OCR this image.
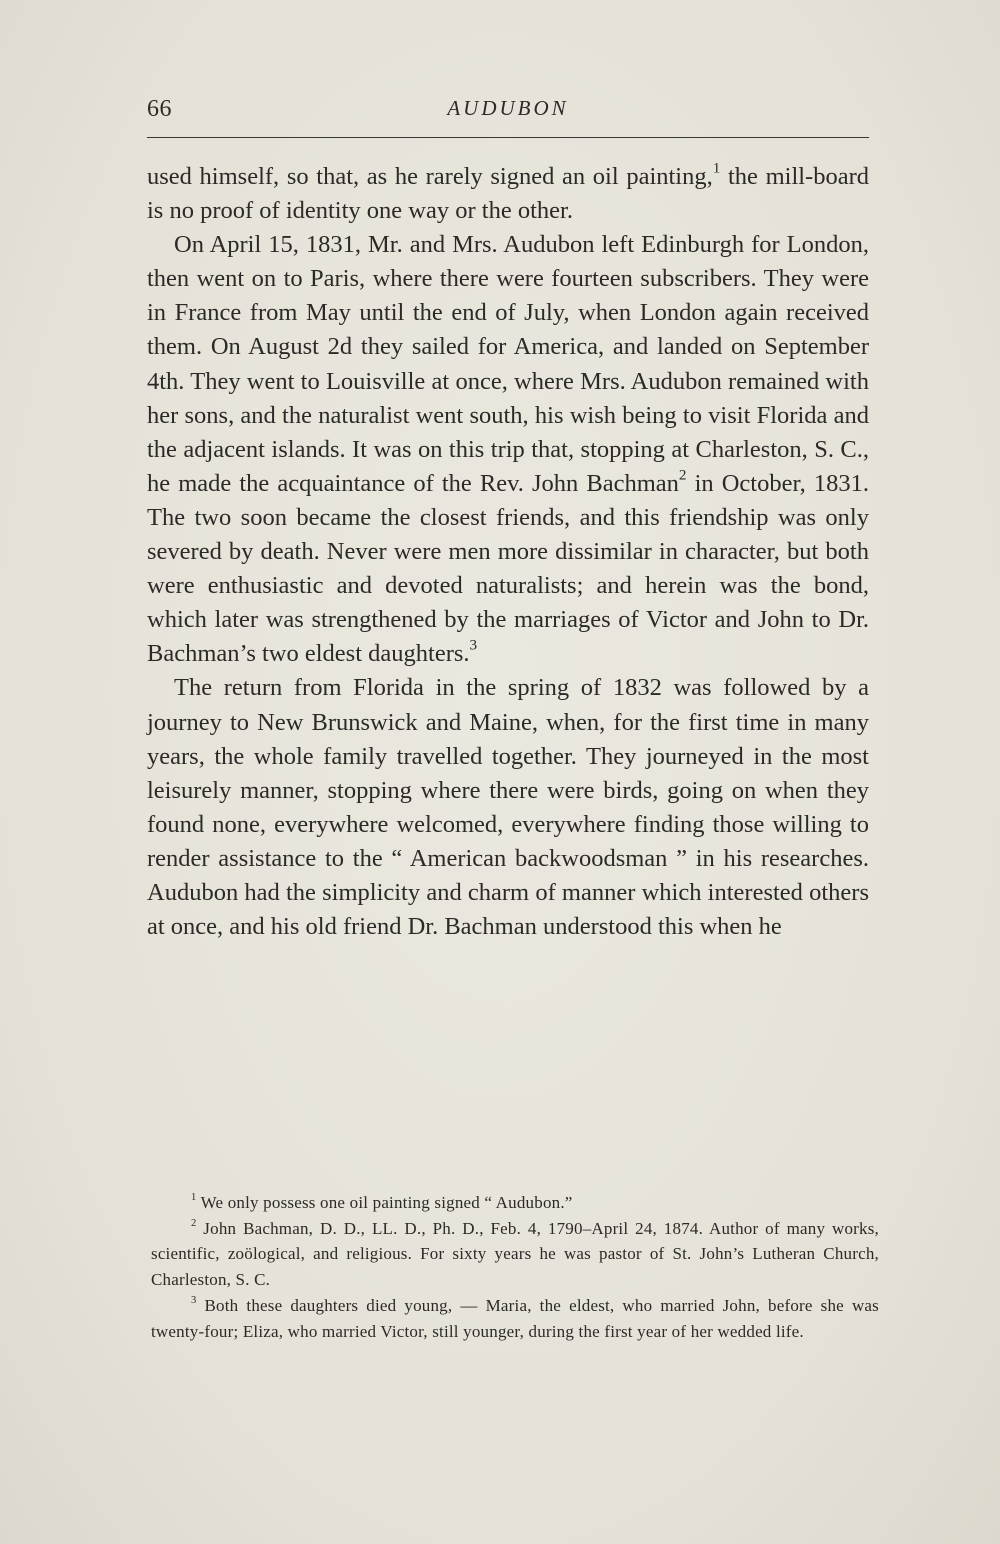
66	AUDUBON

used himself, so that, as he rarely signed an oil painting,$^1$ the mill-board is no proof of identity one way or the other.

On April 15, 1831, Mr. and Mrs. Audubon left Edinburgh for London, then went on to Paris, where there were fourteen subscribers. They were in France from May until the end of July, when London again received them. On August 2d they sailed for America, and landed on September 4th. They went to Louisville at once, where Mrs. Audubon remained with her sons, and the naturalist went south, his wish being to visit Florida and the adjacent islands. It was on this trip that, stopping at Charleston, S. C., he made the acquaintance of the Rev. John Bachman$^2$ in October, 1831. The two soon became the closest friends, and this friendship was only severed by death. Never were men more dissimilar in character, but both were enthusiastic and devoted naturalists; and herein was the bond, which later was strengthened by the marriages of Victor and John to Dr. Bachman’s two eldest daughters.$^3$

The return from Florida in the spring of 1832 was followed by a journey to New Brunswick and Maine, when, for the first time in many years, the whole family travelled together. They journeyed in the most leisurely manner, stopping where there were birds, going on when they found none, everywhere welcomed, everywhere finding those willing to render assistance to the “ American backwoodsman ” in his researches. Audubon had the simplicity and charm of manner which interested others at once, and his old friend Dr. Bachman understood this when he

$^1$ We only possess one oil painting signed “ Audubon.”

$^2$ John Bachman, D. D., LL. D., Ph. D., Feb. 4, 1790–April 24, 1874. Author of many works, scientific, zoölogical, and religious. For sixty years he was pastor of St. John’s Lutheran Church, Charleston, S. C.

$^3$ Both these daughters died young, — Maria, the eldest, who married John, before she was twenty-four; Eliza, who married Victor, still younger, during the first year of her wedded life.
